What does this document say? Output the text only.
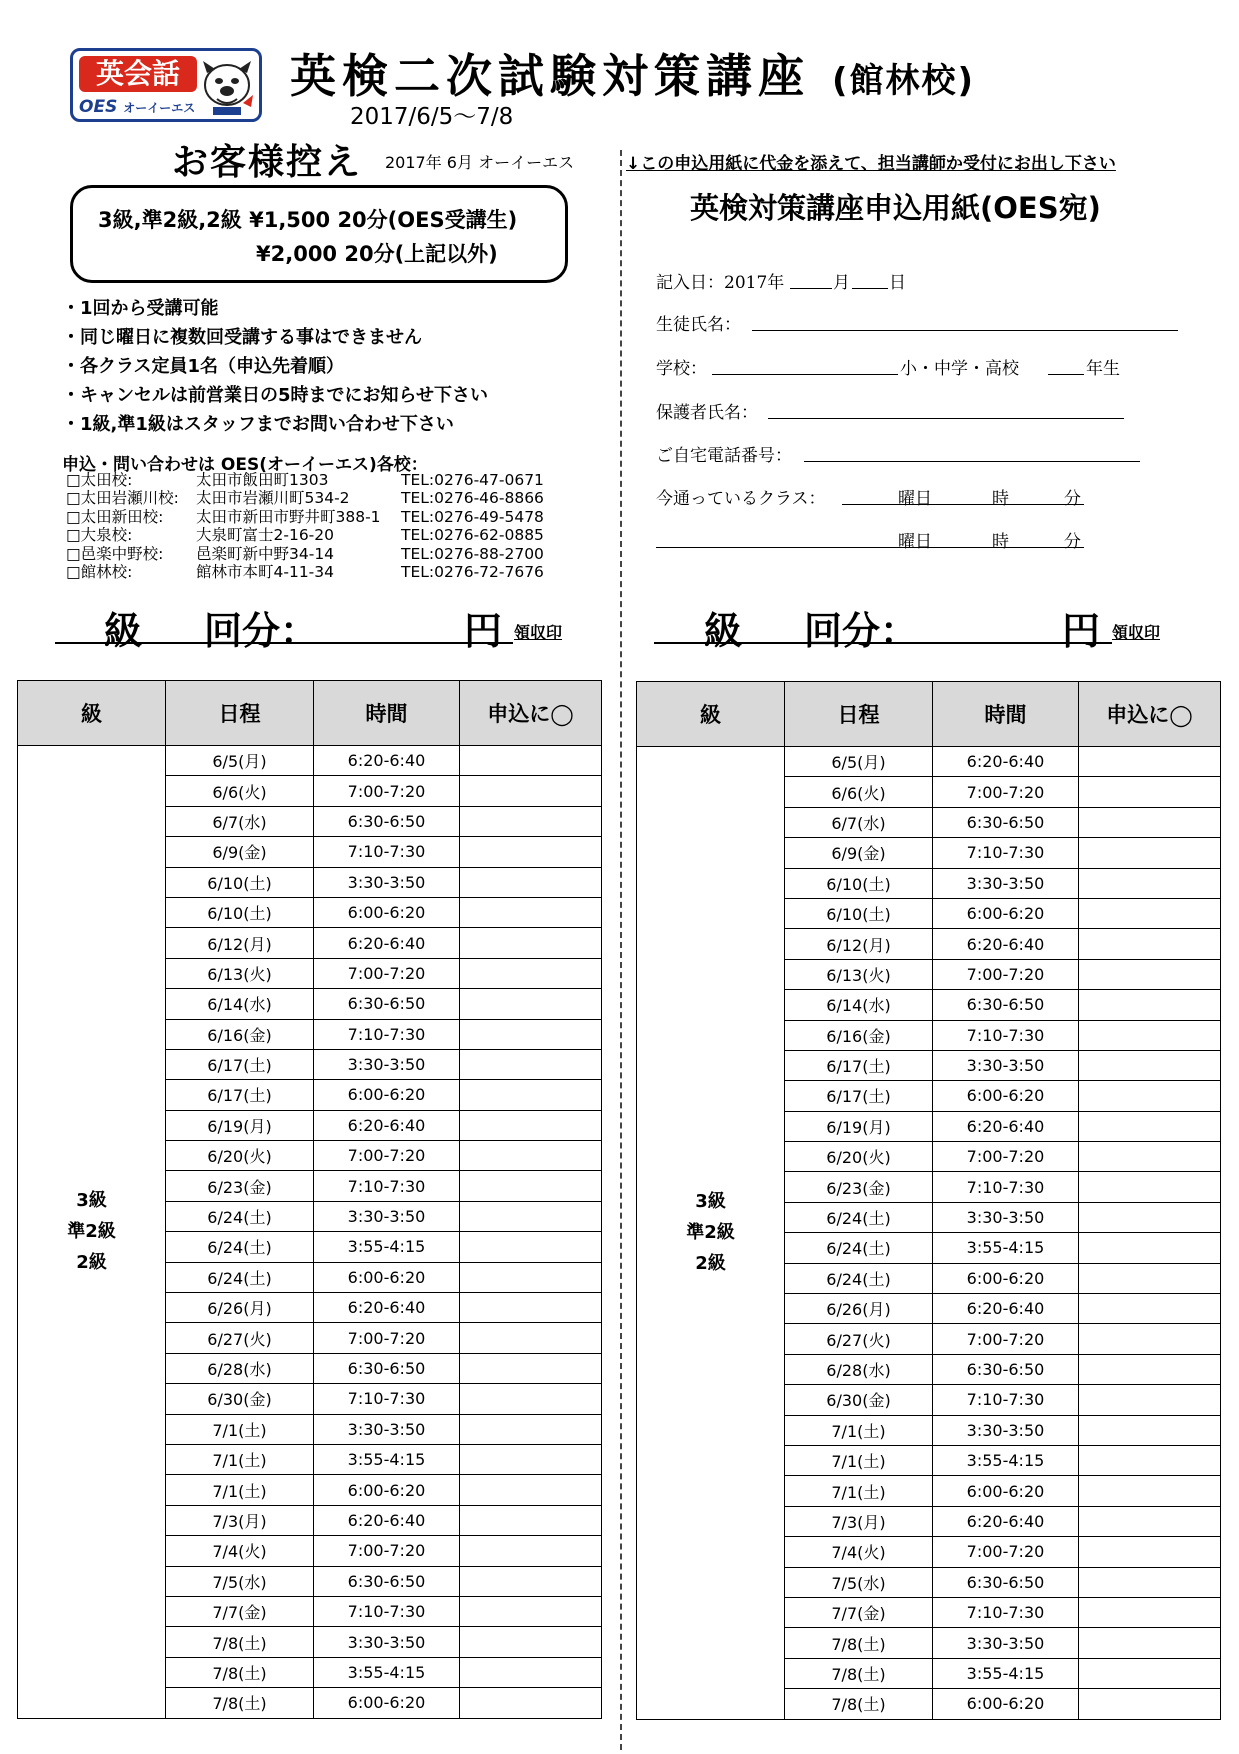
英会話
OES オーイーエス
英検二次試験対策講座 (館林校)
2017/6/5〜7/8
お客様控え 2017年 6月 オーイーエス
3級,準2級,2級 ¥1,500 20分(OES受講生)
¥2,000 20分(上記以外)
・1回から受講可能
・同じ曜日に複数回受講する事はできません
・各クラス定員1名（申込先着順）
・キャンセルは前営業日の5時までにお知らせ下さい
・1級,準1級はスタッフまでお問い合わせ下さい
申込・問い合わせは OES(オーイーエス)各校：
□太田校:	太田市飯田町1303	TEL:0276-47-0671
□太田岩瀬川校: 太田市岩瀬川町534-2	TEL:0276-46-8866
□太田新田校: 太田市新田市野井町388-1 TEL:0276-49-5478
□大泉校:	大泉町富士2-16-20	TEL:0276-62-0885
□邑楽中野校: 邑楽町新中野34-14	TEL:0276-88-2700
□館林校:	館林市本町4-11-34	TEL:0276-72-7676
級 回分：	円 領収印
↓この申込用紙に代金を添えて、担当講師か受付にお出し下さい
英検対策講座申込用紙(OES宛)
記入日：2017年	月 日
生徒氏名：
学校：	小・中学・高校	年生
保護者氏名：
ご自宅電話番号：
今通っているクラス：	曜日	時	分
曜日	時	分
級 回分：	円 領収印
級	日程	時間	申込に◯

3級
準2級
2級	6/5(月)	6:20-6:40	
	6/6(火)	7:00-7:20	
	6/7(水)	6:30-6:50	
	6/9(金)	7:10-7:30	
	6/10(土)	3:30-3:50	
	6/10(土)	6:00-6:20	
	6/12(月)	6:20-6:40	
	6/13(火)	7:00-7:20	
	6/14(水)	6:30-6:50	
	6/16(金)	7:10-7:30	
	6/17(土)	3:30-3:50	
	6/17(土)	6:00-6:20	
	6/19(月)	6:20-6:40	
	6/20(火)	7:00-7:20	
	6/23(金)	7:10-7:30	
	6/24(土)	3:30-3:50	
	6/24(土)	3:55-4:15	
	6/24(土)	6:00-6:20	
	6/26(月)	6:20-6:40	
	6/27(火)	7:00-7:20	
	6/28(水)	6:30-6:50	
	6/30(金)	7:10-7:30	
	7/1(土)	3:30-3:50	
	7/1(土)	3:55-4:15	
	7/1(土)	6:00-6:20	
	7/3(月)	6:20-6:40	
	7/4(火)	7:00-7:20	
	7/5(水)	6:30-6:50	
	7/7(金)	7:10-7:30	
	7/8(土)	3:30-3:50	
	7/8(土)	3:55-4:15	
	7/8(土)	6:00-6:20	
級	日程	時間	申込に◯

3級
準2級
2級	6/5(月)	6:20-6:40	
	6/6(火)	7:00-7:20	
	6/7(水)	6:30-6:50	
	6/9(金)	7:10-7:30	
	6/10(土)	3:30-3:50	
	6/10(土)	6:00-6:20	
	6/12(月)	6:20-6:40	
	6/13(火)	7:00-7:20	
	6/14(水)	6:30-6:50	
	6/16(金)	7:10-7:30	
	6/17(土)	3:30-3:50	
	6/17(土)	6:00-6:20	
	6/19(月)	6:20-6:40	
	6/20(火)	7:00-7:20	
	6/23(金)	7:10-7:30	
	6/24(土)	3:30-3:50	
	6/24(土)	3:55-4:15	
	6/24(土)	6:00-6:20	
	6/26(月)	6:20-6:40	
	6/27(火)	7:00-7:20	
	6/28(水)	6:30-6:50	
	6/30(金)	7:10-7:30	
	7/1(土)	3:30-3:50	
	7/1(土)	3:55-4:15	
	7/1(土)	6:00-6:20	
	7/3(月)	6:20-6:40	
	7/4(火)	7:00-7:20	
	7/5(水)	6:30-6:50	
	7/7(金)	7:10-7:30	
	7/8(土)	3:30-3:50	
	7/8(土)	3:55-4:15	
	7/8(土)	6:00-6:20	
